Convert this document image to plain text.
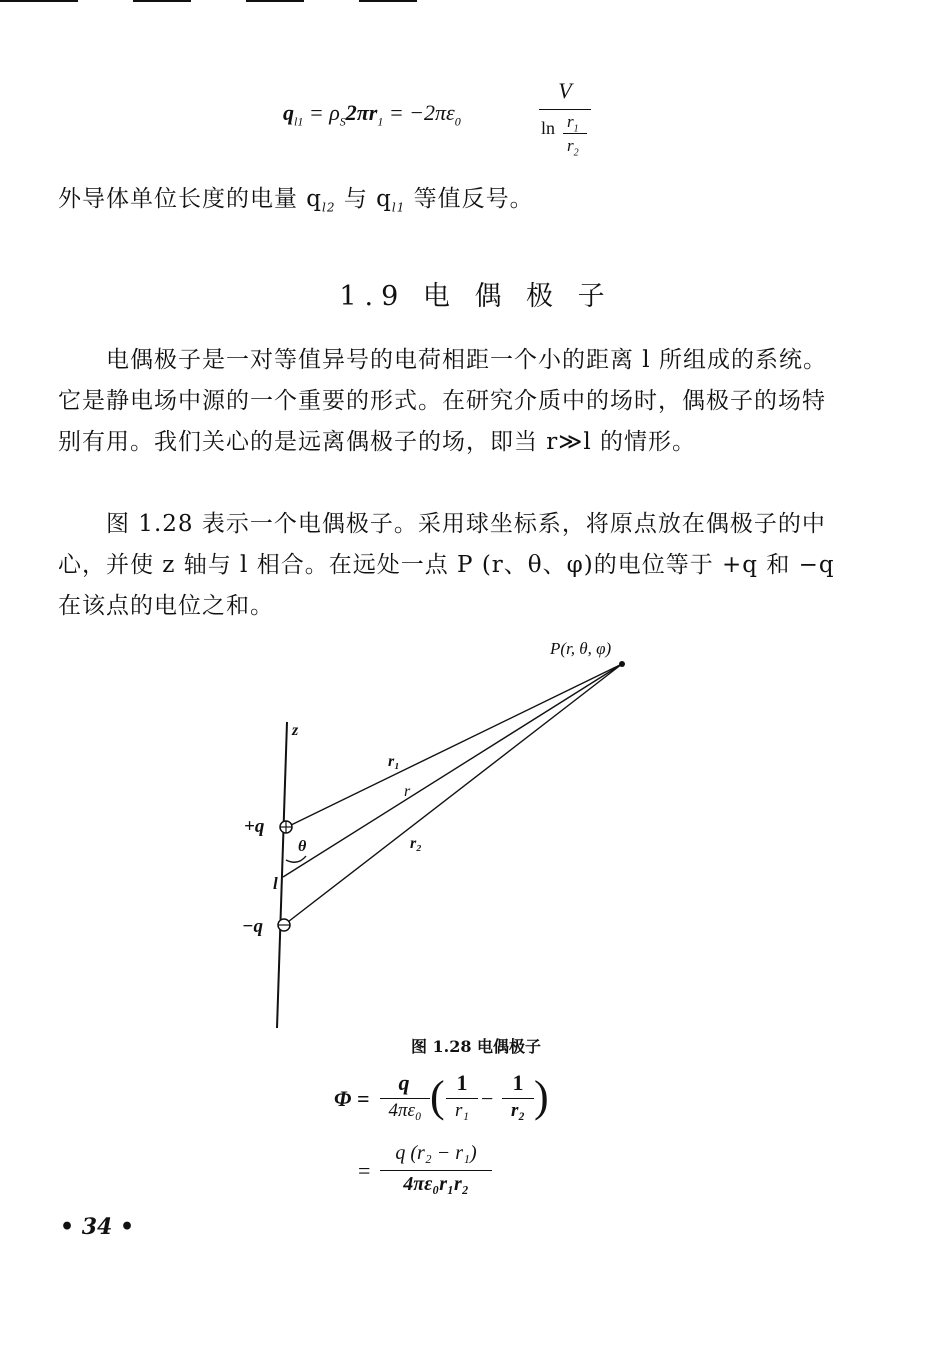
$q_{l1} = \rho_S2\pi r_1 = -2\pi\varepsilon_0$
V
$\ln r_1$
$r_2$
外导体单位长度的电量 $q_{l2}$ 与 $q_{l1}$ 等值反号。
1.9 电 偶 极 子

电偶极子是一对等值异号的电荷相距一个小的距离 l 所组成的系统。它是静电场中源的一个重要的形式。在研究介质中的场时，偶极子的场特别有用。我们关心的是远离偶极子的场，即当 r≫l 的情形。

图 1.28 表示一个电偶极子。采用球坐标系，将原点放在偶极子的中心，并使 z 轴与 l 相合。在远处一点 P (r、θ、φ)的电位等于 +q 和 −q 在该点的电位之和。

P(r, θ, φ)
z
r₁
r
r₂
θ
l
+q
−q
图 1.28 电偶极子
Φ =
q
4πε₀ ( 1
r₁ −
1
r₂ )
=
q (r₂ − r₁)
4πε₀r₁r₂
• 34 •
